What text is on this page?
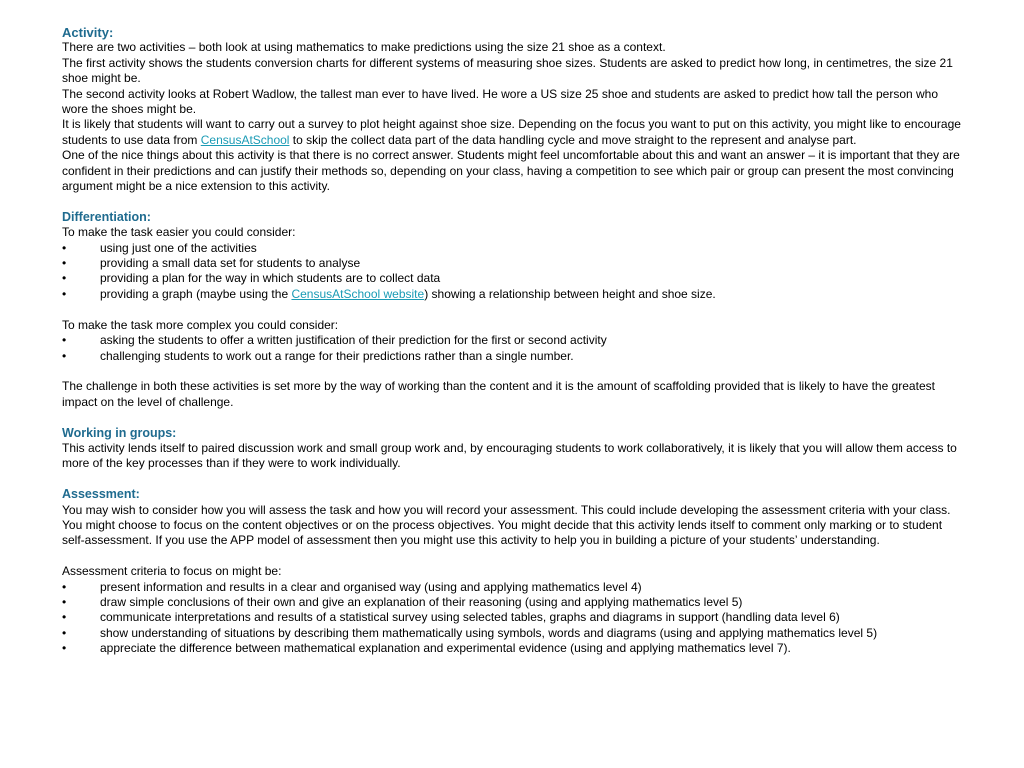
Activity:

There are two activities – both look at using mathematics to make predictions using the size 21 shoe as a context.

The first activity shows the students conversion charts for different systems of measuring shoe sizes. Students are asked to predict how long, in centimetres, the size 21 shoe might be.

The second activity looks at Robert Wadlow, the tallest man ever to have lived. He wore a US size 25 shoe and students are asked to predict how tall the person who wore the shoes might be.

It is likely that students will want to carry out a survey to plot height against shoe size. Depending on the focus you want to put on this activity, you might like to encourage students to use data from CensusAtSchool to skip the collect data part of the data handling cycle and move straight to the represent and analyse part.

One of the nice things about this activity is that there is no correct answer. Students might feel uncomfortable about this and want an answer – it is important that they are confident in their predictions and can justify their methods so, depending on your class, having a competition to see which pair or group can present the most convincing argument might be a nice extension to this activity.

Differentiation:

To make the task easier you could consider:

•	using just one of the activities
•	providing a small data set for students to analyse
•	providing a plan for the way in which students are to collect data
•	providing a graph (maybe using the CensusAtSchool website) showing a relationship between height and shoe size.

To make the task more complex you could consider:

•	asking the students to offer a written justification of their prediction for the first or second activity
•	challenging students to work out a range for their predictions rather than a single number.

The challenge in both these activities is set more by the way of working than the content and it is the amount of scaffolding provided that is likely to have the greatest impact on the level of challenge.

Working in groups:

This activity lends itself to paired discussion work and small group work and, by encouraging students to work collaboratively, it is likely that you will allow them access to more of the key processes than if they were to work individually.

Assessment:

You may wish to consider how you will assess the task and how you will record your assessment. This could include developing the assessment criteria with your class. You might choose to focus on the content objectives or on the process objectives. You might decide that this activity lends itself to comment only marking or to student self-assessment. If you use the APP model of assessment then you might use this activity to help you in building a picture of your students’ understanding.

Assessment criteria to focus on might be:

•	present information and results in a clear and organised way (using and applying mathematics level 4)
•	draw simple conclusions of their own and give an explanation of their reasoning (using and applying mathematics level 5)
•	communicate interpretations and results of a statistical survey using selected tables, graphs and diagrams in support (handling data level 6)
•	show understanding of situations by describing them mathematically using symbols, words and diagrams (using and applying mathematics level 5)
•	appreciate the difference between mathematical explanation and experimental evidence (using and applying mathematics level 7).
